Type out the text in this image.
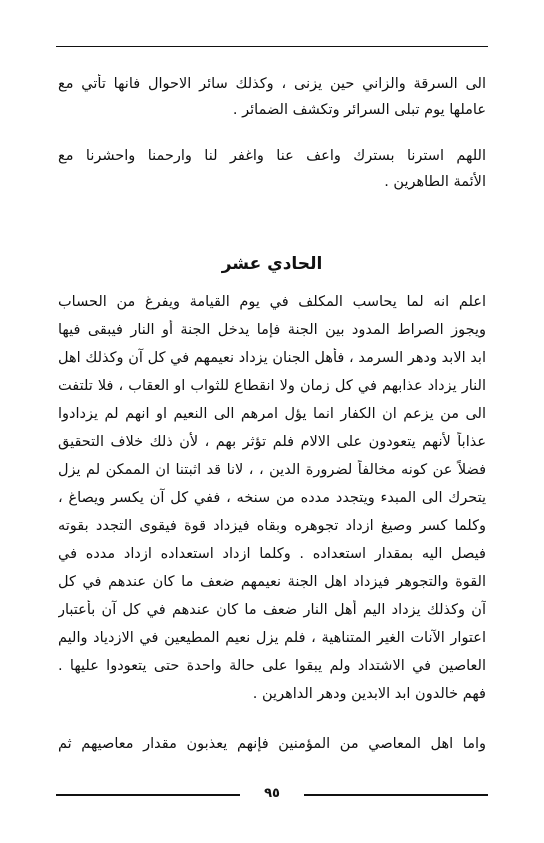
الى السرقة والزاني حين يزنى ، وكذلك سائر الاحوال فانها تأتي مع
عاملها يوم تبلى السرائر وتكشف الضمائر .
اللهم استرنا بسترك واعف عنا واغفر لنا وارحمنا واحشرنا مع
الأئمة الطاهرين .
الحادي عشر
اعلم انه لما يحاسب المكلف في يوم القيامة ويفرغ من الحساب
ويجوز الصراط المدود بين الجنة فإما يدخل الجنة أو النار فيبقى فيها
ابد الابد ودهر السرمد ، فأهل الجنان يزداد نعيمهم في كل آن وكذلك اهل
النار يزداد عذابهم في كل زمان ولا انقطاع للثواب او العقاب ، فلا تلتفت
الى من يزعم ان الكفار انما يؤل امرهم الى النعيم او انهم لم يزدادوا
عذاباً لأنهم يتعودون على الالام فلم تؤثر بهم ، لأن ذلك خلاف التحقيق
فضلاً عن كونه مخالفاً لضرورة الدين ، ، لانا قد اثبتنا ان الممكن لم يزل
يتحرك الى المبدء ويتجدد مدده من سنخه ، ففي كل آن يكسر ويصاغ ،
وكلما كسر وصيغ ازداد تجوهره وبقاه فيزداد قوة فيقوى التجدد بقوته
فيصل اليه بمقدار استعداده . وكلما ازداد استعداده ازداد مدده في
القوة والتجوهر فيزداد اهل الجنة نعيمهم ضعف ما كان عندهم في كل
آن وكذلك يزداد اليم أهل النار ضعف ما كان عندهم في كل آن بأعتبار
اعتوار الآنات الغير المتناهية ، فلم يزل نعيم المطيعين في الازدياد واليم
العاصين في الاشتداد ولم يبقوا على حالة واحدة حتى يتعودوا عليها .
فهم خالدون ابد الابدين ودهر الداهرين .
واما اهل المعاصي من المؤمنين فإنهم يعذبون مقدار معاصيهم ثم
٩٥
